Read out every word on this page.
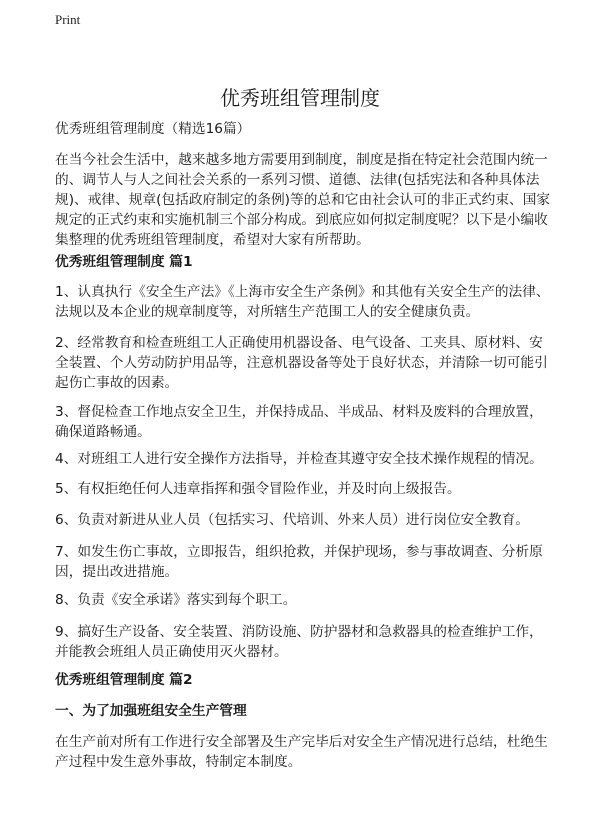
Print
优秀班组管理制度
优秀班组管理制度（精选16篇）
在当今社会生活中，越来越多地方需要用到制度，制度是指在特定社会范围内统一的、调节人与人之间社会关系的一系列习惯、道德、法律(包括宪法和各种具体法规)、戒律、规章(包括政府制定的条例)等的总和它由社会认可的非正式约束、国家规定的正式约束和实施机制三个部分构成。到底应如何拟定制度呢？以下是小编收集整理的优秀班组管理制度，希望对大家有所帮助。
优秀班组管理制度 篇1
1、认真执行《安全生产法》《上海市安全生产条例》和其他有关安全生产的法律、法规以及本企业的规章制度等，对所辖生产范围工人的安全健康负责。
2、经常教育和检查班组工人正确使用机器设备、电气设备、工夹具、原材料、安全装置、个人劳动防护用品等，注意机器设备等处于良好状态，并清除一切可能引起伤亡事故的因素。
3、督促检查工作地点安全卫生，并保持成品、半成品、材料及废料的合理放置，确保道路畅通。
4、对班组工人进行安全操作方法指导，并检查其遵守安全技术操作规程的情况。
5、有权拒绝任何人违章指挥和强令冒险作业，并及时向上级报告。
6、负责对新进从业人员（包括实习、代培训、外来人员）进行岗位安全教育。
7、如发生伤亡事故，立即报告，组织抢救，并保护现场，参与事故调查、分析原因，提出改进措施。
8、负责《安全承诺》落实到每个职工。
9、搞好生产设备、安全装置、消防设施、防护器材和急救器具的检查维护工作，并能教会班组人员正确使用灭火器材。
优秀班组管理制度 篇2
一、为了加强班组安全生产管理
在生产前对所有工作进行安全部署及生产完毕后对安全生产情况进行总结，杜绝生产过程中发生意外事故，特制定本制度。
